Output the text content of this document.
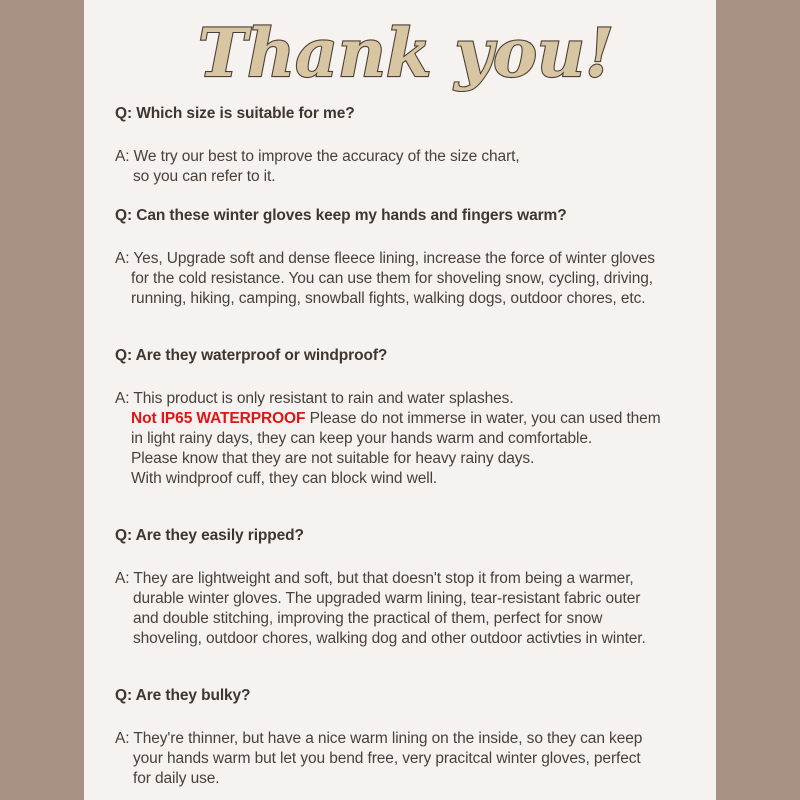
Thank you!

Q: Which size is suitable for me?

A: We try our best to improve the accuracy of the size chart,
so you can refer to it.

Q: Can these winter gloves keep my hands and fingers warm?

A: Yes, Upgrade soft and dense fleece lining, increase the force of winter gloves
for the cold resistance. You can use them for shoveling snow, cycling, driving,
running, hiking, camping, snowball fights, walking dogs, outdoor chores, etc.

Q: Are they waterproof or windproof?

A: This product is only resistant to rain and water splashes.
Not IP65 WATERPROOF Please do not immerse in water, you can used them
in light rainy days, they can keep your hands warm and comfortable.
Please know that they are not suitable for heavy rainy days.
With windproof cuff, they can block wind well.

Q: Are they easily ripped?

A: They are lightweight and soft, but that doesn't stop it from being a warmer,
durable winter gloves. The upgraded warm lining, tear-resistant fabric outer
and double stitching, improving the practical of them, perfect for snow
shoveling, outdoor chores, walking dog and other outdoor activties in winter.

Q: Are they bulky?

A: They're thinner, but have a nice warm lining on the inside, so they can keep
your hands warm but let you bend free, very pracitcal winter gloves, perfect
for daily use.
